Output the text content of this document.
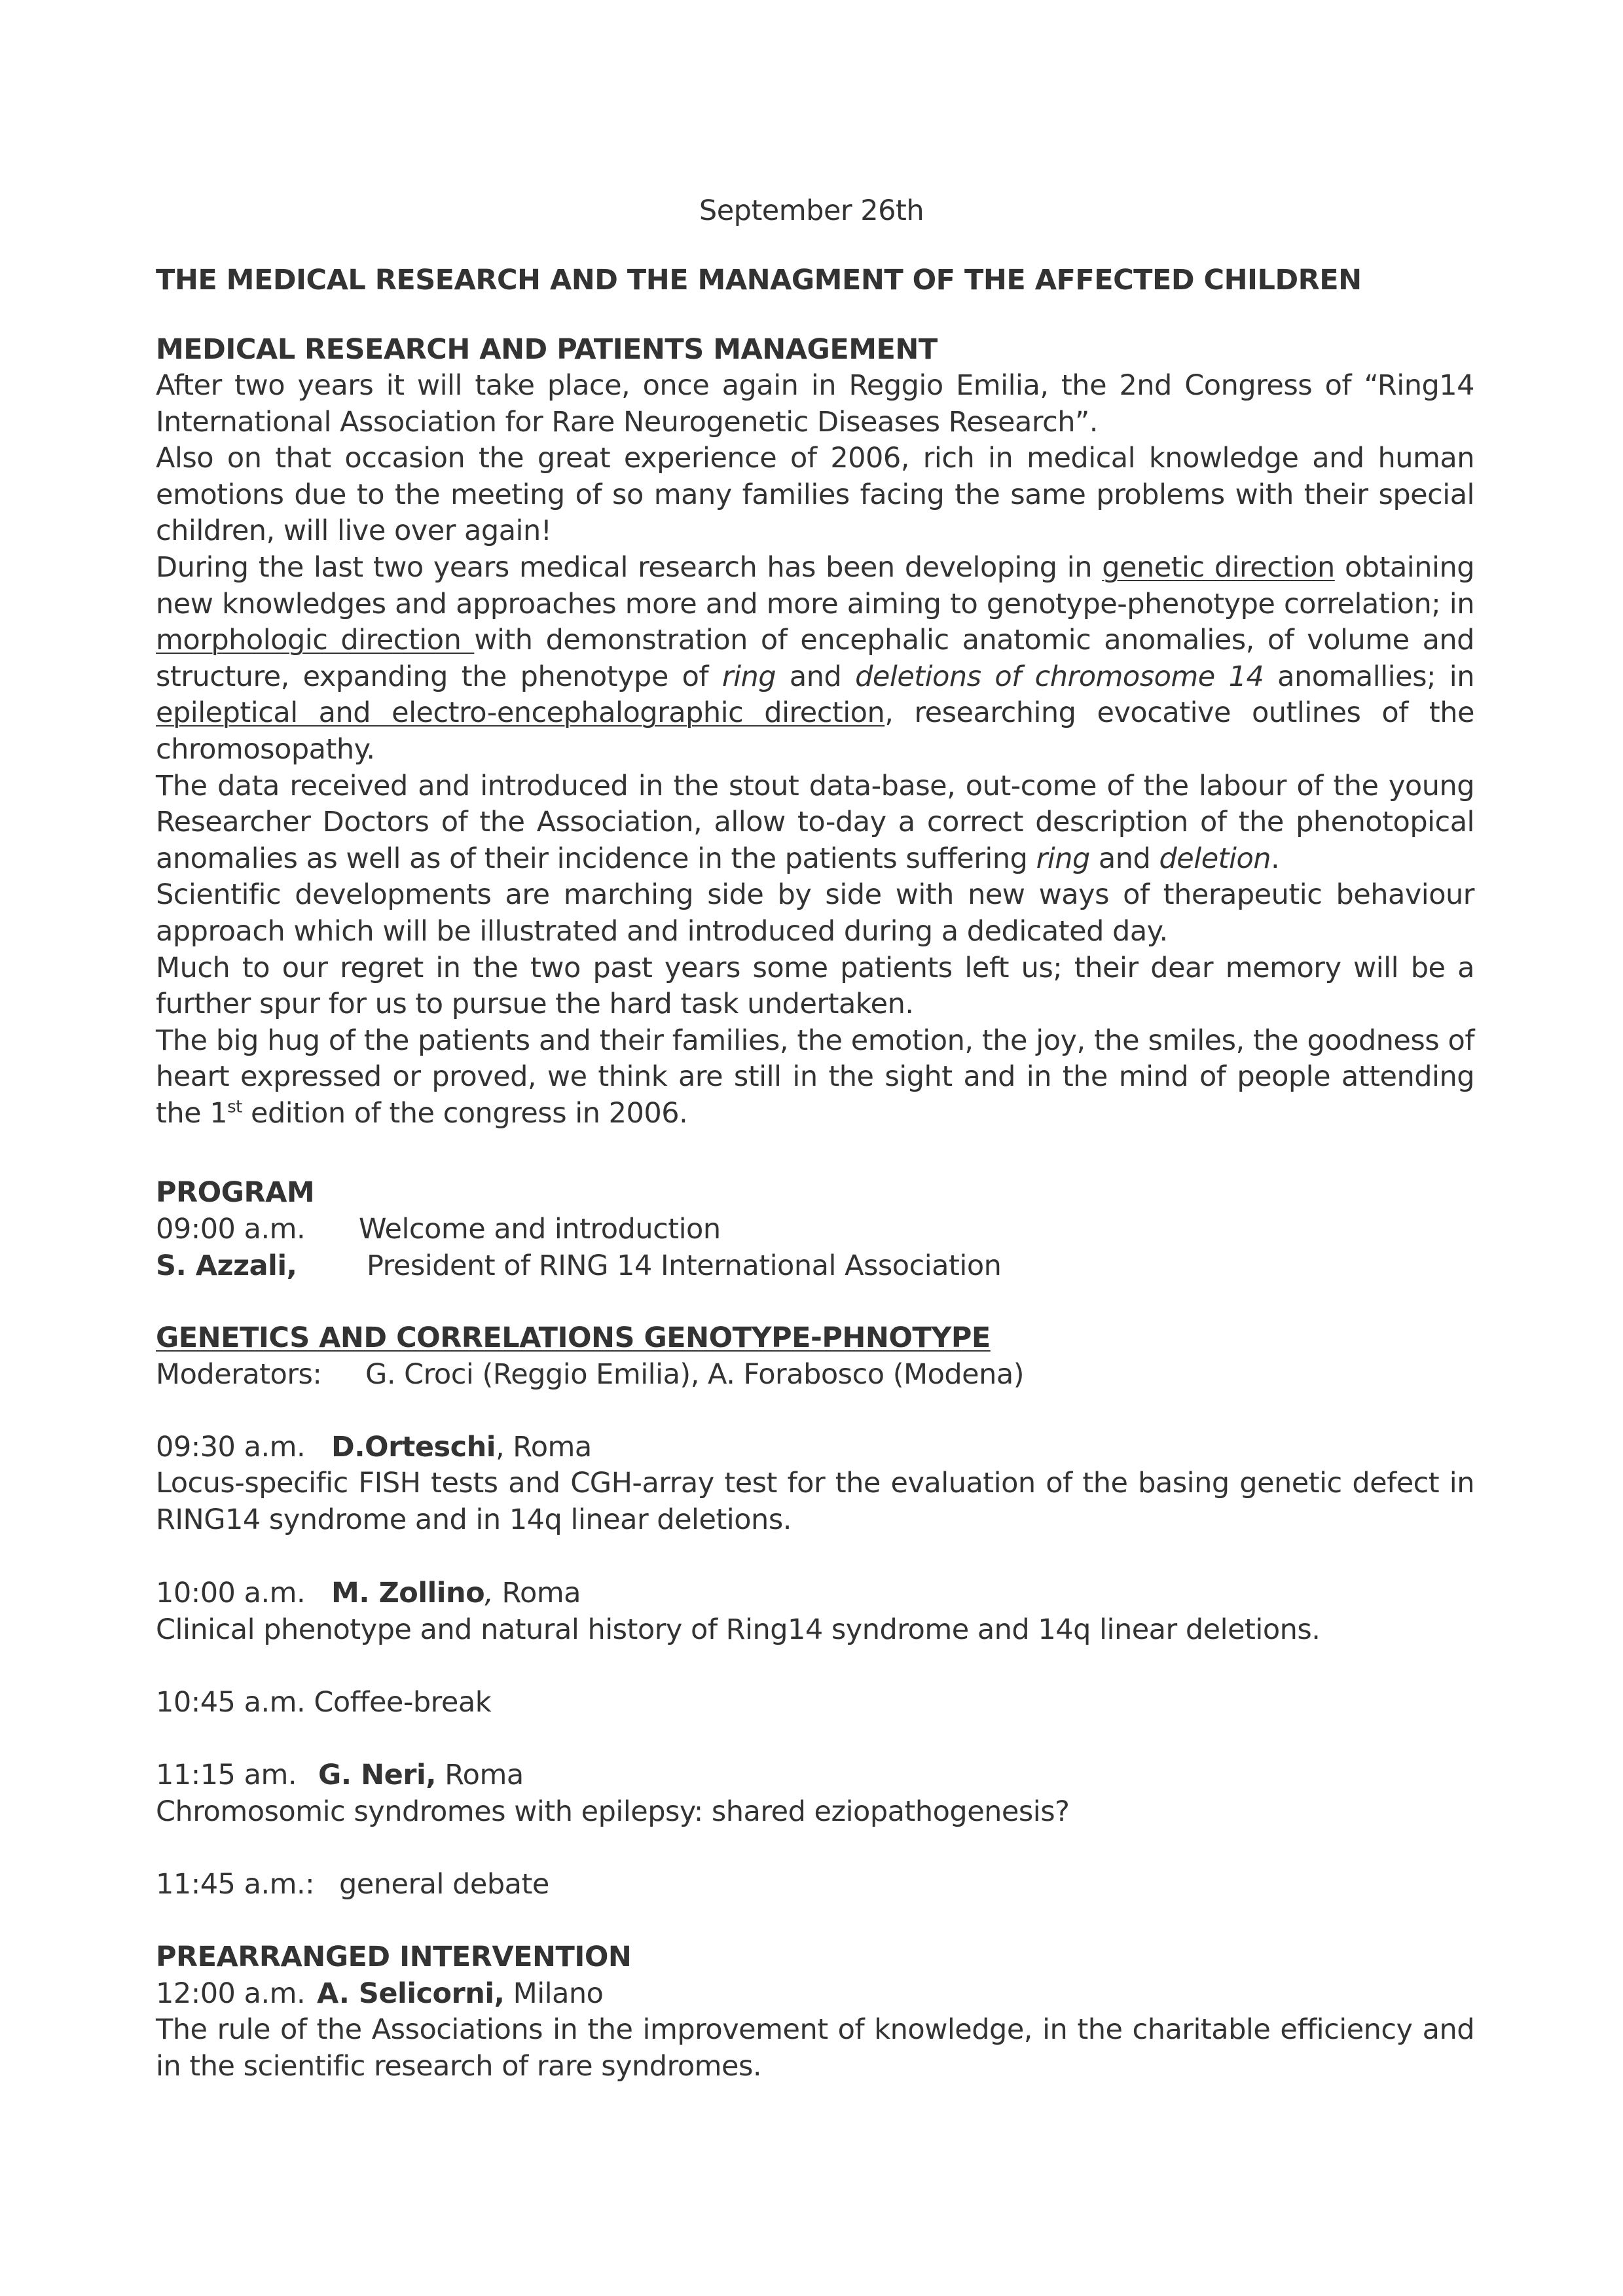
September 26th

THE MEDICAL RESEARCH AND THE MANAGMENT OF THE AFFECTED CHILDREN

MEDICAL RESEARCH AND PATIENTS MANAGEMENT

After two years it will take place, once again in Reggio Emilia, the 2nd Congress of “Ring14 International Association for Rare Neurogenetic Diseases Research”.

Also on that occasion the great experience of 2006, rich in medical knowledge and human emotions due to the meeting of so many families facing the same problems with their special children, will live over again!

During the last two years medical research has been developing in genetic direction obtaining new knowledges and approaches more and more aiming to genotype-phenotype correlation; in morphologic direction with demonstration of encephalic anatomic anomalies, of volume and structure, expanding the phenotype of ring and deletions of chromosome 14 anomallies; in epileptical and electro-encephalographic direction, researching evocative outlines of the chromosopathy.

The data received and introduced in the stout data-base, out-come of the labour of the young Researcher Doctors of the Association, allow to-day a correct description of the phenotopical anomalies as well as of their incidence in the patients suffering ring and deletion.

Scientific developments are marching side by side with new ways of therapeutic behaviour approach which will be illustrated and introduced during a dedicated day.

Much to our regret in the two past years some patients left us; their dear memory will be a further spur for us to pursue the hard task undertaken.

The big hug of the patients and their families, the emotion, the joy, the smiles, the goodness of heart expressed or proved, we think are still in the sight and in the mind of people attending the 1st edition of the congress in 2006.

PROGRAM
09:00 a.m. Welcome and introduction
S. Azzali, President of RING 14 International Association
GENETICS AND CORRELATIONS GENOTYPE-PHNOTYPE
Moderators: G. Croci (Reggio Emilia), A. Forabosco (Modena)
09:30 a.m. D.Orteschi, Roma
Locus-specific FISH tests and CGH-array test for the evaluation of the basing genetic defect in RING14 syndrome and in 14q linear deletions.
10:00 a.m. M. Zollino, Roma
Clinical phenotype and natural history of Ring14 syndrome and 14q linear deletions.
10:45 a.m. Coffee-break
11:15 am. G. Neri, Roma
Chromosomic syndromes with epilepsy: shared eziopathogenesis?
11:45 a.m.: general debate
PREARRANGED INTERVENTION
12:00 a.m. A. Selicorni, Milano
The rule of the Associations in the improvement of knowledge, in the charitable efficiency and in the scientific research of rare syndromes.
